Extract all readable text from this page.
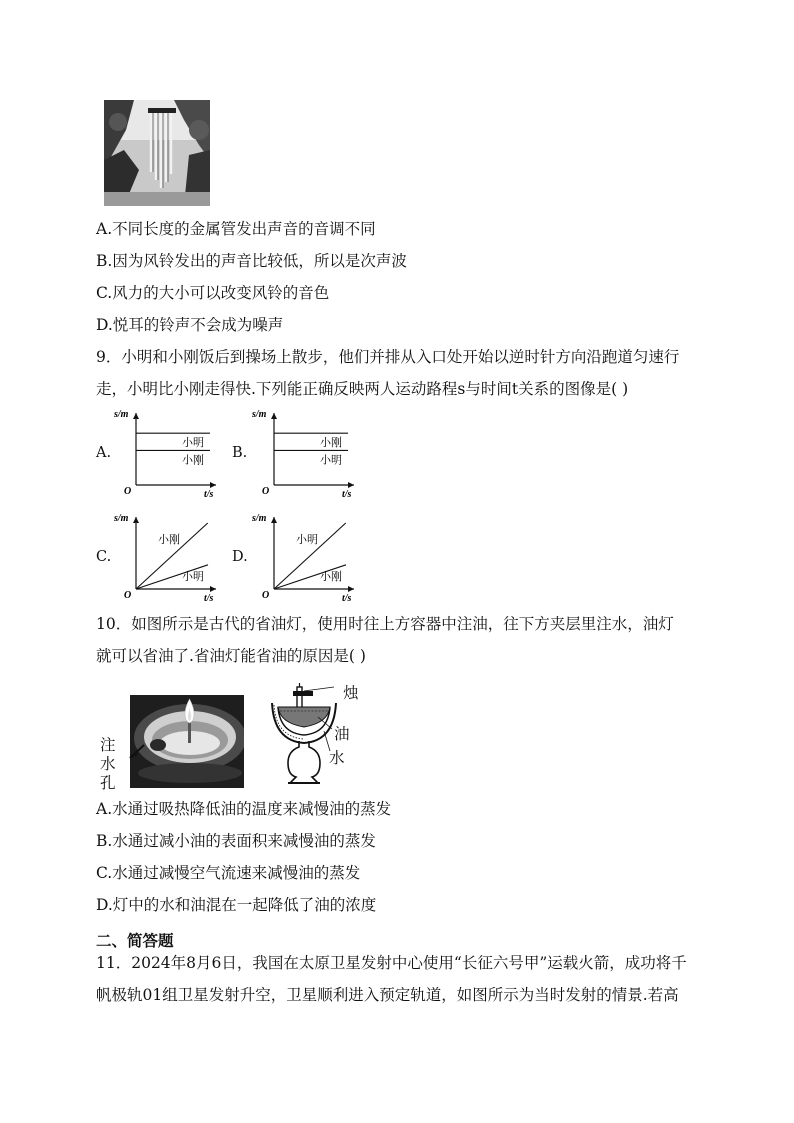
A.不同长度的金属管发出声音的音调不同
B.因为风铃发出的声音比较低，所以是次声波
C.风力的大小可以改变风铃的音色
D.悦耳的铃声不会成为噪声
9．小明和小刚饭后到操场上散步，他们并排从入口处开始以逆时针方向沿跑道匀速行
走，小明比小刚走得快.下列能正确反映两人运动路程s与时间t关系的图像是( )
A.	B.
C.	D.
s/m
t/s
O
小明
小刚
s/m
t/s
O
小刚
小明
s/m
t/s
O
小刚
小明
s/m
t/s
O
小明
小刚
10．如图所示是古代的省油灯，使用时往上方容器中注油，往下方夹层里注水，油灯
就可以省油了.省油灯能省油的原因是( )
注
水
孔
烛
油
水
A.水通过吸热降低油的温度来减慢油的蒸发
B.水通过减小油的表面积来减慢油的蒸发
C.水通过减慢空气流速来减慢油的蒸发
D.灯中的水和油混在一起降低了油的浓度
二、简答题
11．2024年8月6日，我国在太原卫星发射中心使用“长征六号甲”运载火箭，成功将千
帆极轨01组卫星发射升空，卫星顺利进入预定轨道，如图所示为当时发射的情景.若高
